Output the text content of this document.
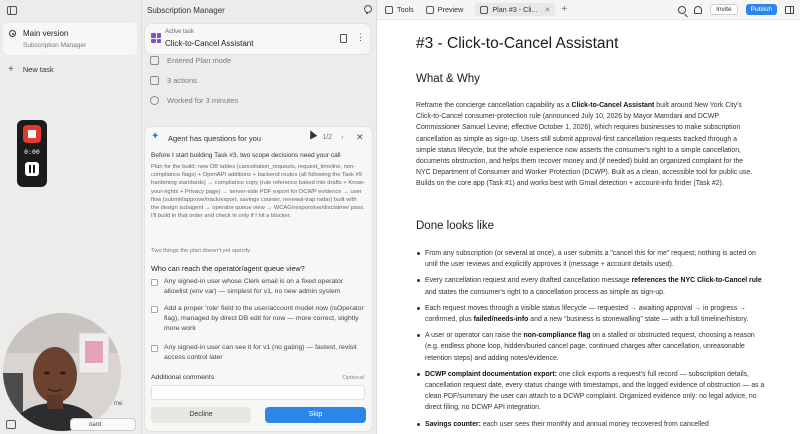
Main version
Subscription Manager
+ New task
0:00
me
oard
Subscription Manager
Active task
Click-to-Cancel Assistant
⋮
Entered Plan mode
3 actions
Worked for 3 minutes
✦
Agent has questions for you	‹ 1/2 › ✕
Before I start building Task #3, two scope decisions need your call
Plan for the build: new DB tables (cancellation_requests, request_timeline, non-compliance flags) + OpenAPI additions + backend routes (all following the Task #9 hardening standards) → compliance copy (rule reference baked into drafts + Know-your-rights + Privacy page) → server-side PDF export for DCWP evidence → user flow (submit/approve/track/export, savings counter, renewal-trap radar) built with the design subagent → operator queue view → WCAG/responsive/disclaimer pass. I'll build in that order and check in only if I hit a blocker.
Two things the plan doesn't yet specify:
Who can reach the operator/agent queue view?
Any signed-in user whose Clerk email is on a fixed operator allowlist (env var) — simplest for v1, no new admin system
Add a proper 'role' field to the user/account model now (isOperator flag), managed by direct DB edit for now — more correct, slightly more work
Any signed-in user can see it for v1 (no gating) — fastest, revisit access control later
Additional comments	Optional
Decline	Skip
Tools	Preview	Plan #3 - Cli... ✕ +	Invite	Publish
#3 - Click-to-Cancel Assistant
What & Why
Reframe the concierge cancellation capability as a Click-to-Cancel Assistant built around New York City's Click-to-Cancel consumer-protection rule (announced July 10, 2026 by Mayor Mamdani and DCWP Commissioner Samuel Levine; effective October 1, 2026), which requires businesses to make subscription cancellation as simple as sign-up. Users still submit approval-first cancellation requests tracked through a simple status lifecycle, but the whole experience now asserts the consumer's right to a simple cancellation, documents obstruction, and helps them recover money and (if needed) build an organized complaint for the NYC Department of Consumer and Worker Protection (DCWP). Built as a clean, accessible tool for public use. Builds on the core app (Task #1) and works best with Gmail detection + account-info finder (Task #2).
Done looks like
From any subscription (or several at once), a user submits a "cancel this for me" request; nothing is acted on until the user reviews and explicitly approves it (message + account details used).
Every cancellation request and every drafted cancellation message references the NYC Click-to-Cancel rule and states the consumer's right to a cancellation process as simple as sign-up.
Each request moves through a visible status lifecycle — requested → awaiting approval → in progress → confirmed, plus failed/needs-info and a new "business is stonewalling" state — with a full timeline/history.
A user or operator can raise the non-compliance flag on a stalled or obstructed request, choosing a reason (e.g. endless phone loop, hidden/buried cancel page, continued charges after cancellation, unreasonable retention steps) and adding notes/evidence.
DCWP complaint documentation export: one click exports a request's full record — subscription details, cancellation request date, every status change with timestamps, and the logged evidence of obstruction — as a clean PDF/summary the user can attach to a DCWP complaint. Organized evidence only: no legal advice, no direct filing, no DCWP API integration.
Savings counter: each user sees their monthly and annual money recovered from cancelled
